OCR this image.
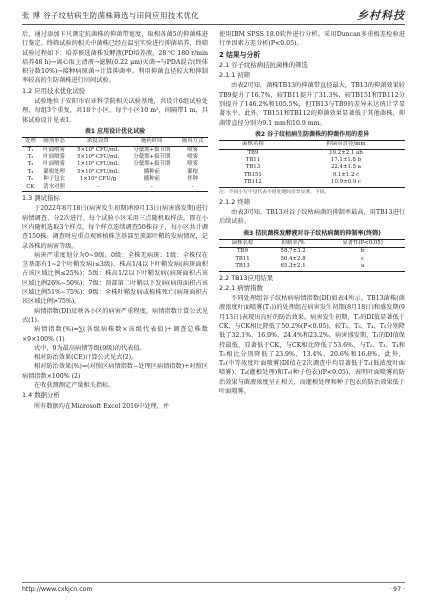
张 博 谷子纹枯病生防菌株筛选与田间应用技术优化	乡村科技

后，通过添加卡尺测定抗菌株的抑菌带宽度，取相各菌5的抑菌株进行鉴定。终筛试验的相关中菌株已经在温室实验进行抑菌培养，终筛试验过程如下：培养候选菌株发酵液(PD培养液，28 ℃ 180 r/min培养48 h)→离心取上清液→滤膜(0.22 μm)灭菌→与PDA混合(终体积分数10%)→接种病原菌→计算抑菌率。利用抑菌直径较大和抑制率较高的生防菌株进行田间试验。

1.2 应用技术优化试验

试验地位于安阳市农业科学院相关试验基地，共设计6组试验处理，每组3个重复，共18个小区，每个小区10 m²，间隔带1 m，具体试验设计见表1。

表1 应用设计优化试验
处理	制剂形态	浓度设置	施药时间	施用方式
T₁	叶面喷雾	5×10⁸ CFU/mL	分蘖期+拔节期	喷雾
T₂	叶面喷雾	5×10⁸ CFU/mL	分蘖期+拔节期	喷雾
T₃	叶面喷雾	1×10⁹ CFU/mL	分蘖期+拔节期	喷雾
T₄	灌根处理	5×10⁸ CFU/mL	播种前	灌根
T₅	种子包衣	1×10⁹ CFU/g	播种前	拌种
CK	清水对照	-	-	-
1.3 测试指标

于2022年8月18日(病害发生初期)和9月13日(病害盛发期)进行病情调查，分2次进行。每个试验小区采用三点随机取样法，即在小区内随机选取3个样点，每个样点连续调查50株谷子，每小区共计调查150株。调查时应重点观察植株茎基部至顶部叶鞘的发病情况，记录各株的病害等级。

病害严重度划分为0~9级。0级：全株无病斑；1级：全株仅在茎基部有1~2个叶鞘发病(≤3级)，株高1/4以下叶鞘发病(病斑面积占该区域比例≤25%)；5级：株高1/2以下叶鞘发病(病斑面积占该区域比例26%~50%)；7级：顶部第二叶鞘以下发病(病斑面积占该区域比例51%~75%)；9级：全株叶鞘发病或植株死亡(病斑面积占该区域比例>75%)。

病情指数(DI)反映各小区的病害严重程度，病情指数计算公式见式(1)。

病情指数(%)=∑(各级病株数×该级代表值)÷调查总株数×9×100% (1)

式中，9为最高病情等级(9级)的代表值。

相对防治效果(CE)计算公式见式(2)。

相对防治效果(%)=(对照区病情指数−处理区病情指数)÷对照区病情指数×100% (2)

在收获测测定产量相关指标。

1.4 数据分析

所有数据均在Microsoft Excel 2016中处理，并

使用IBM SPSS 18.0软件进行分析。采用Duncan多重极差检验进行单因素方差分析(P<0.05)。

2 结果与分析
2.1 谷子纹枯病拮抗菌株的筛选
2.1.1 初筛

由表2可知，菌株TB13的抑菌带直径最大，TB13的抑菌效果较TB9提升了16.7%，较TB11提升了31.3%，较TB151和TB112分别提升了146.2%和105.5%，但TB13与TB9的差异未达统计学显著水平。此外，TB151和TB112的抑菌效果显著低于其他菌株，抑菌带直径分别为9.1 mm和10.9 mm。

表2 谷子纹枯病生防菌株的抑菌作用的差异
菌株名称	抑菌带直径/mm
TB9	19.2±2.1 ab
TB11	17.1±1.8 b
TB13	22.4±1.5 a
TB151	9.1±1.2 c
TB112	10.9±0.9 c

注：不同小写字母代表不同处理间差异显著，下同。

2.1.2 终筛

由表3可知，TB13对谷子纹枯病菌的抑制率最高，用TB13进行后续试验。

表3 拮抗菌株发酵液对谷子纹枯病菌的抑制率(终筛)
菌株名称	抑制率/%	显著性(P<0.05)
TB9	58.7±3.2	b
TB11	50.4±2.8	c
TB13	65.3±2.1	a
2.2 TB13应用结果
2.2.1 病情指数

不同处理组谷子纹枯病病情指数(DI)如表4所示。TB13菌株(菌液浓度叶面喷雾(T₁))的处理组在病害发生初期(8月18日)和盛发期(9月13日)表现出良好的防治效果。病害发生初期，T₁的DI值显著低于CK，与CK相比降低了50.2%(P<0.05)，较T₂、T₃、T₄、T₅分别降低了32.1%、16.9%、24.4%和23.2%。病害盛发期，T₁的DI值保持最低，显著低于CK，与CK相比降低了53.6%，与T₂、T₃、T₄和T₅相比分别降低了23.9%、13.4%、20.6%和16.8%。此外，T₅(中等浓度叶面喷雾)DI值在2次调查中均显著低于T₂(低浓度叶面喷雾)、T₄(灌根处理)和T₅(种子包衣)(P<0.05)，表明叶面喷雾的防治效果与菌液浓度呈正相关，而灌根处理和种子包衣的防治效果低于叶面喷雾。

http://www.cxkjcn.com	· 97 ·
